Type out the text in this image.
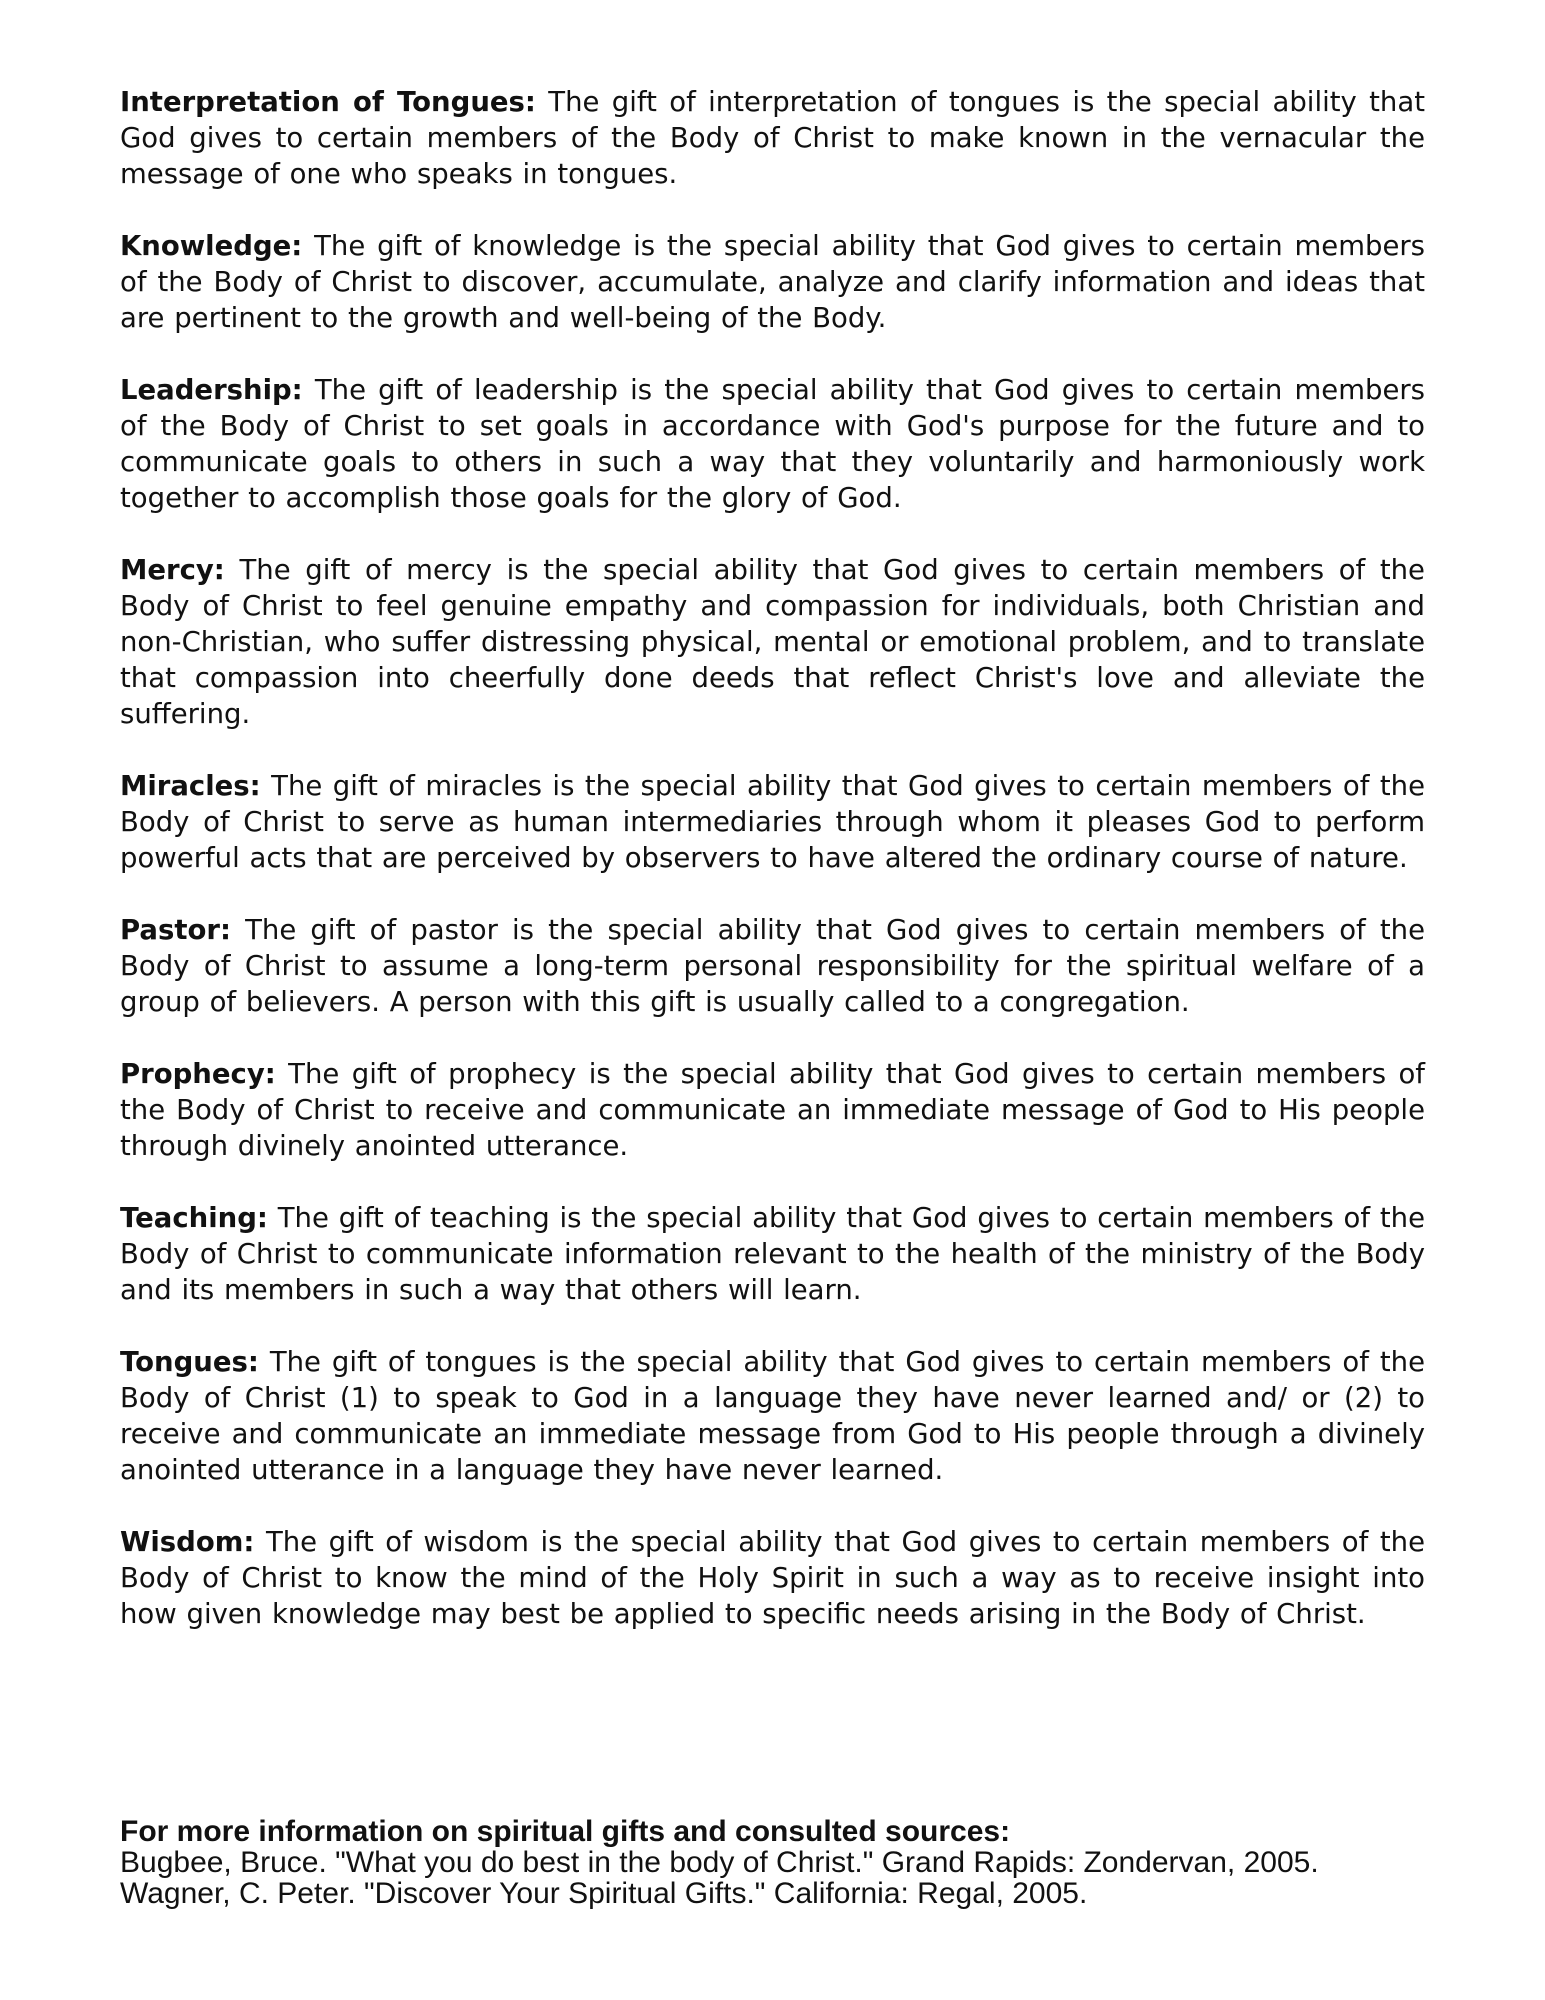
Interpretation of Tongues: The gift of interpretation of tongues is the special ability that God gives to certain members of the Body of Christ to make known in the vernacular the message of one who speaks in tongues.

Knowledge: The gift of knowledge is the special ability that God gives to certain members of the Body of Christ to discover, accumulate, analyze and clarify information and ideas that are pertinent to the growth and well-being of the Body.

Leadership: The gift of leadership is the special ability that God gives to certain members of the Body of Christ to set goals in accordance with God's purpose for the future and to communicate goals to others in such a way that they voluntarily and harmoniously work together to accomplish those goals for the glory of God.

Mercy: The gift of mercy is the special ability that God gives to certain members of the Body of Christ to feel genuine empathy and compassion for individuals, both Christian and non-Christian, who suffer distressing physical, mental or emotional problem, and to translate that compassion into cheerfully done deeds that reflect Christ's love and alleviate the suffering.

Miracles: The gift of miracles is the special ability that God gives to certain members of the Body of Christ to serve as human intermediaries through whom it pleases God to perform powerful acts that are perceived by observers to have altered the ordinary course of nature.

Pastor: The gift of pastor is the special ability that God gives to certain members of the Body of Christ to assume a long-term personal responsibility for the spiritual welfare of a group of believers. A person with this gift is usually called to a congregation.

Prophecy: The gift of prophecy is the special ability that God gives to certain members of the Body of Christ to receive and communicate an immediate message of God to His people through divinely anointed utterance.

Teaching: The gift of teaching is the special ability that God gives to certain members of the Body of Christ to communicate information relevant to the health of the ministry of the Body and its members in such a way that others will learn.

Tongues: The gift of tongues is the special ability that God gives to certain members of the Body of Christ (1) to speak to God in a language they have never learned and/ or (2) to receive and communicate an immediate message from God to His people through a divinely anointed utterance in a language they have never learned.

Wisdom: The gift of wisdom is the special ability that God gives to certain members of the Body of Christ to know the mind of the Holy Spirit in such a way as to receive insight into how given knowledge may best be applied to specific needs arising in the Body of Christ.

For more information on spiritual gifts and consulted sources:
Bugbee, Bruce. "What you do best in the body of Christ." Grand Rapids: Zondervan, 2005. Wagner, C. Peter. "Discover Your Spiritual Gifts." California: Regal, 2005.
